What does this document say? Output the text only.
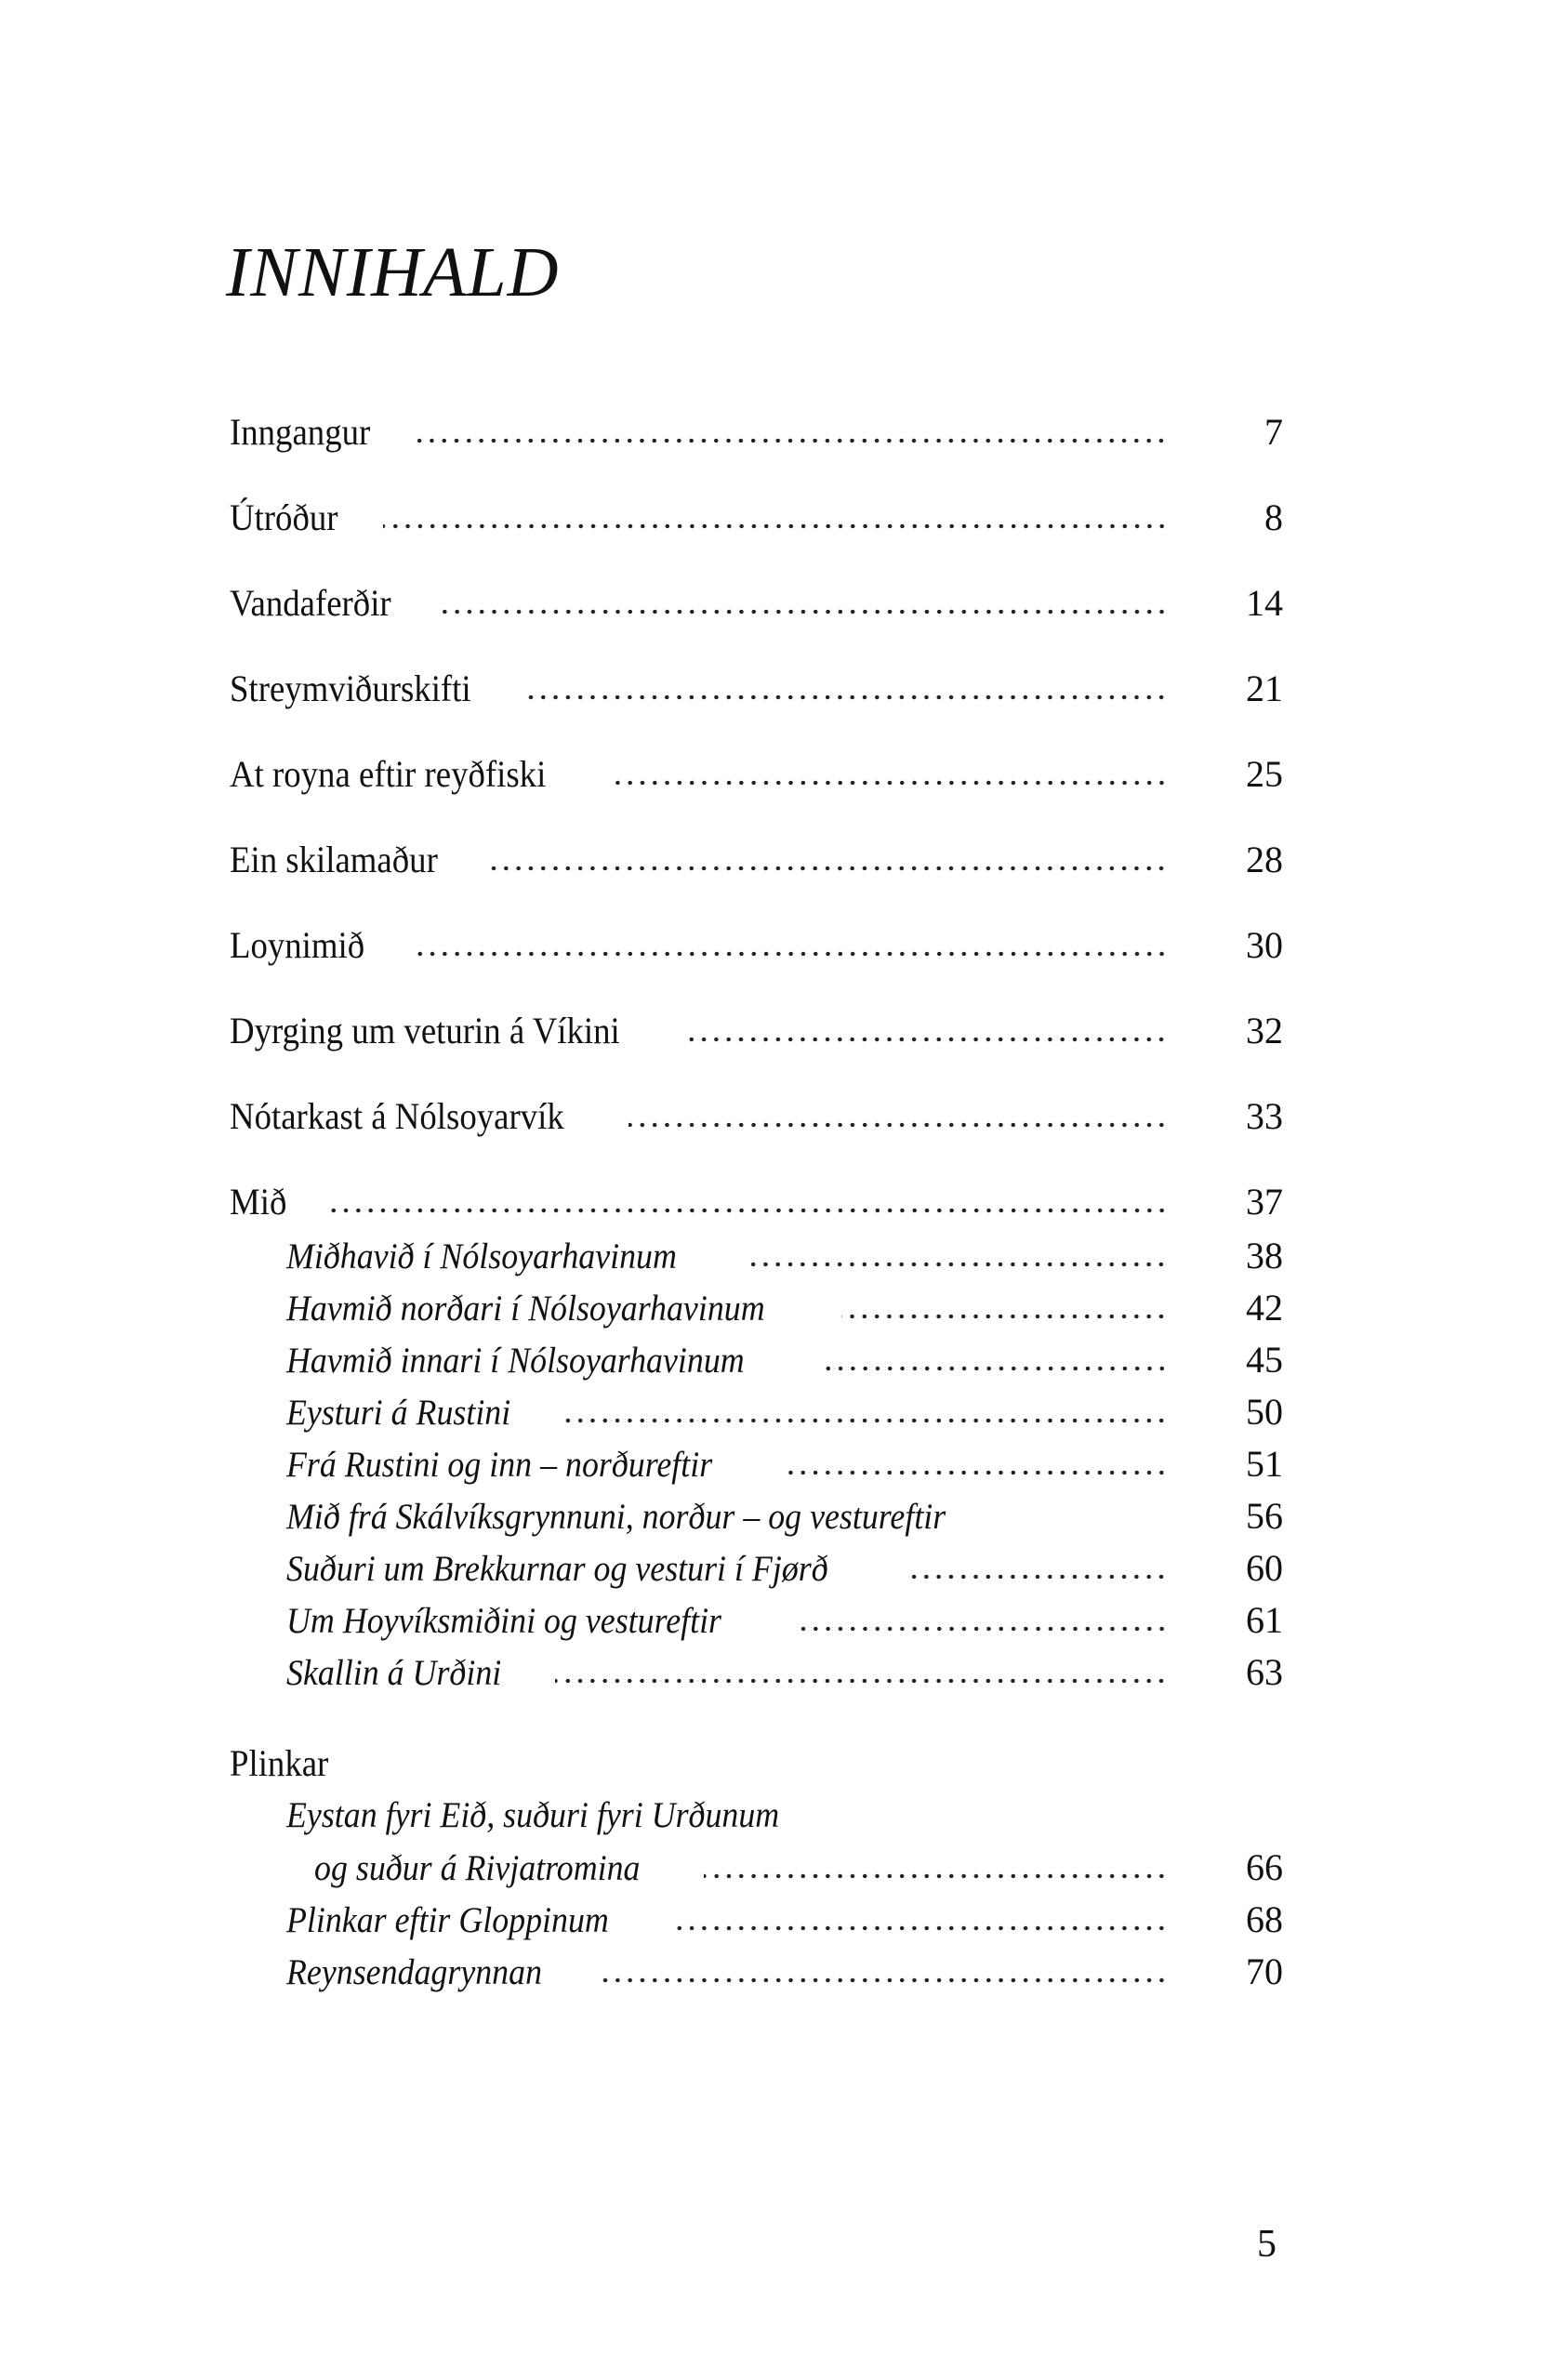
INNIHALD
Inngangur	7
Útróður	8
Vandaferðir	14
Streymviðurskifti	21
At royna eftir reyðfiski	25
Ein skilamaður	28
Loynimið	30
Dyrging um veturin á Víkini	32
Nótarkast á Nólsoyarvík	33
Mið	37
Miðhavið í Nólsoyarhavinum	38
Havmið norðari í Nólsoyarhavinum	42
Havmið innari í Nólsoyarhavinum	45
Eysturi á Rustini	50
Frá Rustini og inn – norðureftir	51
Mið frá Skálvíksgrynnuni, norður – og vestureftir	56
Suðuri um Brekkurnar og vesturi í Fjørð	60
Um Hoyvíksmiðini og vestureftir	61
Skallin á Urðini	63
Plinkar
Eystan fyri Eið, suðuri fyri Urðunum
og suður á Rivjatromina	66
Plinkar eftir Gloppinum	68
Reynsendagrynnan	70
5
